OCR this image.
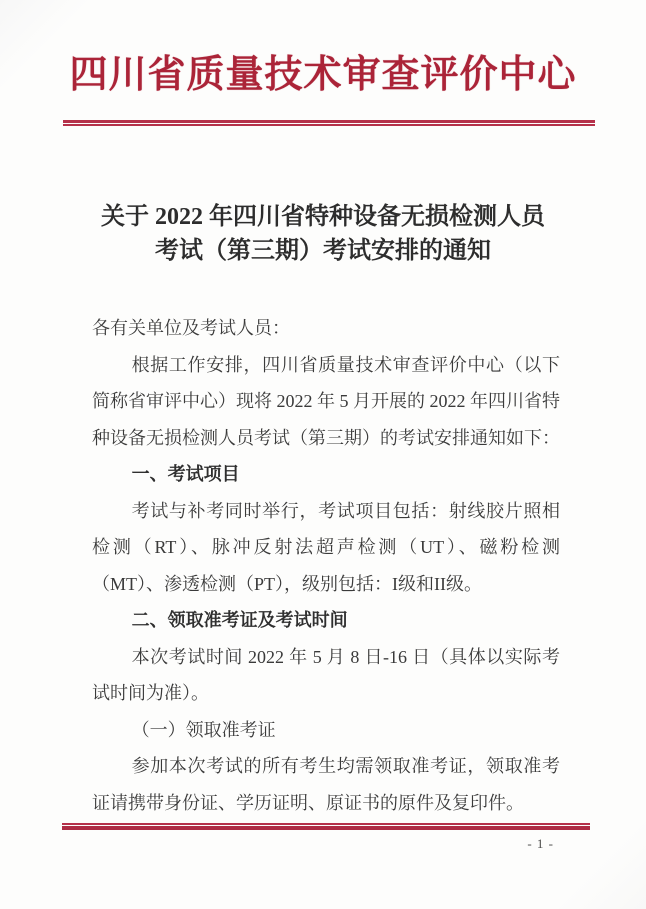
四川省质量技术审查评价中心
关于 2022 年四川省特种设备无损检测人员
考试（第三期）考试安排的通知

各有关单位及考试人员：

根据工作安排，四川省质量技术审查评价中心（以下简称省审评中心）现将 2022 年 5 月开展的 2022 年四川省特种设备无损检测人员考试（第三期）的考试安排通知如下：

一、考试项目

考试与补考同时举行，考试项目包括：射线胶片照相检测（RT）、脉冲反射法超声检测（UT）、磁粉检测（MT）、渗透检测（PT），级别包括：I级和II级。

二、领取准考证及考试时间

本次考试时间 2022 年 5 月 8 日-16 日（具体以实际考试时间为准）。

（一）领取准考证

参加本次考试的所有考生均需领取准考证，领取准考证请携带身份证、学历证明、原证书的原件及复印件。

- 1 -
